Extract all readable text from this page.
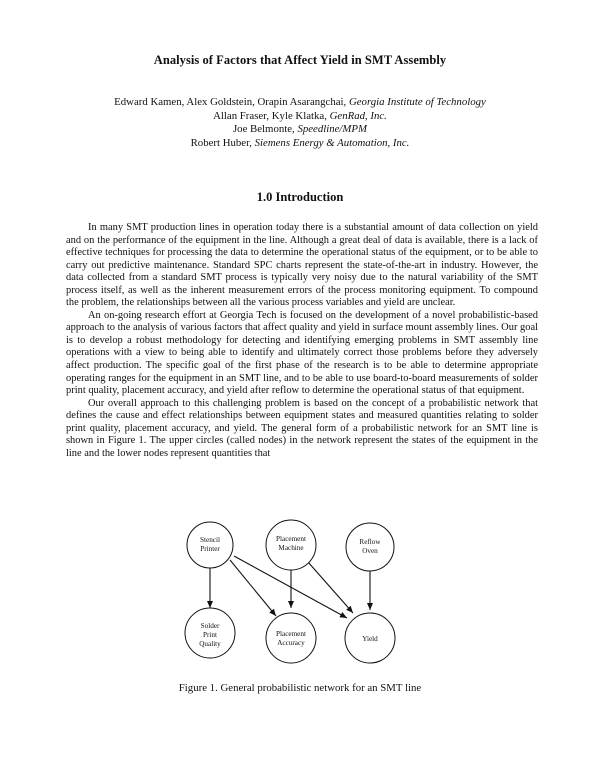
Analysis of Factors that Affect Yield in SMT Assembly
Edward Kamen, Alex Goldstein, Orapin Asarangchai, Georgia Institute of Technology
Allan Fraser, Kyle Klatka, GenRad, Inc.
Joe Belmonte, Speedline/MPM
Robert Huber, Siemens Energy & Automation, Inc.
1.0 Introduction

In many SMT production lines in operation today there is a substantial amount of data collection on yield and on the performance of the equipment in the line. Although a great deal of data is available, there is a lack of effective techniques for processing the data to determine the operational status of the equipment, or to be able to carry out predictive maintenance. Standard SPC charts represent the state-of-the-art in industry. However, the data collected from a standard SMT process is typically very noisy due to the natural variability of the SMT process itself, as well as the inherent measurement errors of the process monitoring equipment. To compound the problem, the relationships between all the various process variables and yield are unclear.

An on-going research effort at Georgia Tech is focused on the development of a novel probabilistic-based approach to the analysis of various factors that affect quality and yield in surface mount assembly lines. Our goal is to develop a robust methodology for detecting and identifying emerging problems in SMT assembly line operations with a view to being able to identify and ultimately correct those problems before they adversely affect production. The specific goal of the first phase of the research is to be able to determine appropriate operating ranges for the equipment in an SMT line, and to be able to use board-to-board measurements of solder print quality, placement accuracy, and yield after reflow to determine the operational status of that equipment.

Our overall approach to this challenging problem is based on the concept of a probabilistic network that defines the cause and effect relationships between equipment states and measured quantities relating to solder print quality, placement accuracy, and yield. The general form of a probabilistic network for an SMT line is shown in Figure 1. The upper circles (called nodes) in the network represent the states of the equipment in the line and the lower nodes represent quantities that

Stencil
Printer
Placement
Machine
Reflow
Oven
Solder
Print
Quality
Placement
Accuracy	Yield
Figure 1. General probabilistic network for an SMT line
